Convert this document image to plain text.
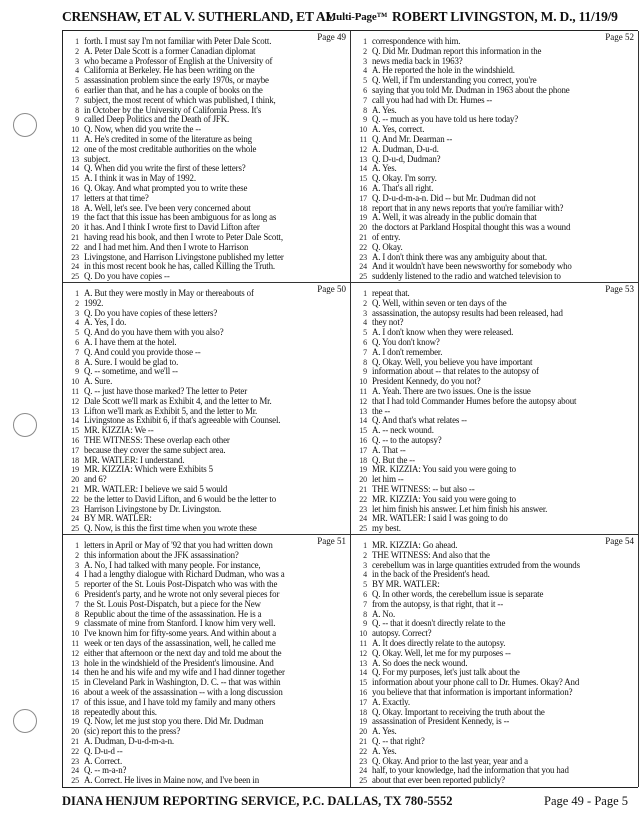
CRENSHAW, ET AL V. SUTHERLAND, ET AL
Multi-Page™ ROBERT LIVINGSTON, M. D., 11/19/9
Page 49
1 forth. I must say I'm not familiar with Peter Dale Scott.
2 A. Peter Dale Scott is a former Canadian diplomat
3 who became a Professor of English at the University of
4 California at Berkeley. He has been writing on the
5 assassination problem since the early 1970s, or maybe
6 earlier than that, and he has a couple of books on the
7 subject, the most recent of which was published, I think,
8 in October by the University of California Press. It's
9 called Deep Politics and the Death of JFK.
10 Q. Now, when did you write the --
11 A. He's credited in some of the literature as being
12 one of the most creditable authorities on the whole
13 subject.
14 Q. When did you write the first of these letters?
15 A. I think it was in May of 1992.
16 Q. Okay. And what prompted you to write these
17 letters at that time?
18 A. Well, let's see. I've been very concerned about
19 the fact that this issue has been ambiguous for as long as
20 it has. And I think I wrote first to David Lifton after
21 having read his book, and then I wrote to Peter Dale Scott,
22 and I had met him. And then I wrote to Harrison
23 Livingstone, and Harrison Livingstone published my letter
24 in this most recent book he has, called Killing the Truth.
25 Q. Do you have copies --
Page 52
1 correspondence with him.
2 Q. Did Mr. Dudman report this information in the
3 news media back in 1963?
4 A. He reported the hole in the windshield.
5 Q. Well, if I'm understanding you correct, you're
6 saying that you told Mr. Dudman in 1963 about the phone
7 call you had had with Dr. Humes --
8 A. Yes.
9 Q. -- much as you have told us here today?
10 A. Yes, correct.
11 Q. And Mr. Dearman --
12 A. Dudman, D-u-d.
13 Q. D-u-d, Dudman?
14 A. Yes.
15 Q. Okay. I'm sorry.
16 A. That's all right.
17 Q. D-u-d-m-a-n. Did -- but Mr. Dudman did not
18 report that in any news reports that you're familiar with?
19 A. Well, it was already in the public domain that
20 the doctors at Parkland Hospital thought this was a wound
21 of entry.
22 Q. Okay.
23 A. I don't think there was any ambiguity about that.
24 And it wouldn't have been newsworthy for somebody who
25 suddenly listened to the radio and watched television to
Page 50
1 A. But they were mostly in May or thereabouts of
2 1992.
3 Q. Do you have copies of these letters?
4 A. Yes, I do.
5 Q. And do you have them with you also?
6 A. I have them at the hotel.
7 Q. And could you provide those --
8 A. Sure. I would be glad to.
9 Q. -- sometime, and we'll --
10 A. Sure.
11 Q. -- just have those marked? The letter to Peter
12 Dale Scott we'll mark as Exhibit 4, and the letter to Mr.
13 Lifton we'll mark as Exhibit 5, and the letter to Mr.
14 Livingstone as Exhibit 6, if that's agreeable with Counsel.
15 MR. KIZZIA: We --
16 THE WITNESS: These overlap each other
17 because they cover the same subject area.
18 MR. WATLER: I understand.
19 MR. KIZZIA: Which were Exhibits 5
20 and 6?
21 MR. WATLER: I believe we said 5 would
22 be the letter to David Lifton, and 6 would be the letter to
23 Harrison Livingstone by Dr. Livingston.
24 BY MR. WATLER:
25 Q. Now, is this the first time when you wrote these
Page 53
1 repeat that.
2 Q. Well, within seven or ten days of the
3 assassination, the autopsy results had been released, had
4 they not?
5 A. I don't know when they were released.
6 Q. You don't know?
7 A. I don't remember.
8 Q. Okay. Well, you believe you have important
9 information about -- that relates to the autopsy of
10 President Kennedy, do you not?
11 A. Yeah. There are two issues. One is the issue
12 that I had told Commander Humes before the autopsy about
13 the --
14 Q. And that's what relates --
15 A. -- neck wound.
16 Q. -- to the autopsy?
17 A. That --
18 Q. But the --
19 MR. KIZZIA: You said you were going to
20 let him --
21 THE WITNESS: -- but also --
22 MR. KIZZIA: You said you were going to
23 let him finish his answer. Let him finish his answer.
24 MR. WATLER: I said I was going to do
25 my best.
Page 51
1 letters in April or May of '92 that you had written down
2 this information about the JFK assassination?
3 A. No, I had talked with many people. For instance,
4 I had a lengthy dialogue with Richard Dudman, who was a
5 reporter of the St. Louis Post-Dispatch who was with the
6 President's party, and he wrote not only several pieces for
7 the St. Louis Post-Dispatch, but a piece for the New
8 Republic about the time of the assassination. He is a
9 classmate of mine from Stanford. I know him very well.
10 I've known him for fifty-some years. And within about a
11 week or ten days of the assassination, well, he called me
12 either that afternoon or the next day and told me about the
13 hole in the windshield of the President's limousine. And
14 then he and his wife and my wife and I had dinner together
15 in Cleveland Park in Washington, D. C. -- that was within
16 about a week of the assassination -- with a long discussion
17 of this issue, and I have told my family and many others
18 repeatedly about this.
19 Q. Now, let me just stop you there. Did Mr. Dudman
20 (sic) report this to the press?
21 A. Dudman, D-u-d-m-a-n.
22 Q. D-u-d --
23 A. Correct.
24 Q. -- m-a-n?
25 A. Correct. He lives in Maine now, and I've been in
Page 54
1 MR. KIZZIA: Go ahead.
2 THE WITNESS: And also that the
3 cerebellum was in large quantities extruded from the wounds
4 in the back of the President's head.
5 BY MR. WATLER:
6 Q. In other words, the cerebellum issue is separate
7 from the autopsy, is that right, that it --
8 A. No.
9 Q. -- that it doesn't directly relate to the
10 autopsy. Correct?
11 A. It does directly relate to the autopsy.
12 Q. Okay. Well, let me for my purposes --
13 A. So does the neck wound.
14 Q. For my purposes, let's just talk about the
15 information about your phone call to Dr. Humes. Okay? And
16 you believe that that information is important information?
17 A. Exactly.
18 Q. Okay. Important to receiving the truth about the
19 assassination of President Kennedy, is --
20 A. Yes.
21 Q. -- that right?
22 A. Yes.
23 Q. Okay. And prior to the last year, year and a
24 half, to your knowledge, had the information that you had
25 about that ever been reported publicly?
DIANA HENJUM REPORTING SERVICE, P.C. DALLAS, TX 780-5552	Page 49 - Page 5
